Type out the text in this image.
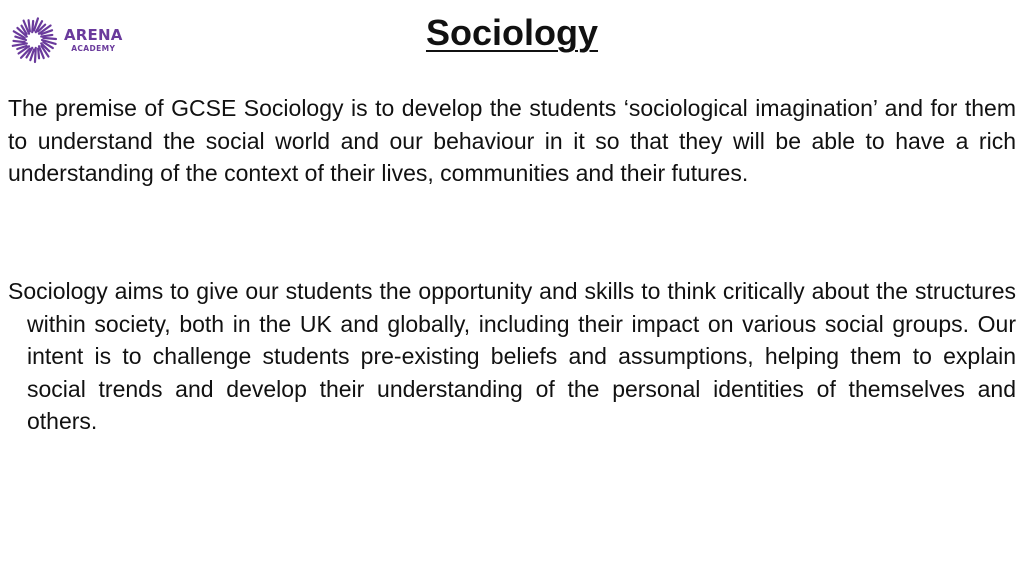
ARENA
ACADEMY	Sociology

The premise of GCSE Sociology is to develop the students ‘sociological imagination’ and for them to understand the social world and our behaviour in it so that they will be able to have a rich understanding of the context of their lives, communities and their futures.

Sociology aims to give our students the opportunity and skills to think critically about the structures within society, both in the UK and globally, including their impact on various social groups. Our intent is to challenge students pre-existing beliefs and assumptions, helping them to explain social trends and develop their understanding of the personal identities of themselves and others.
